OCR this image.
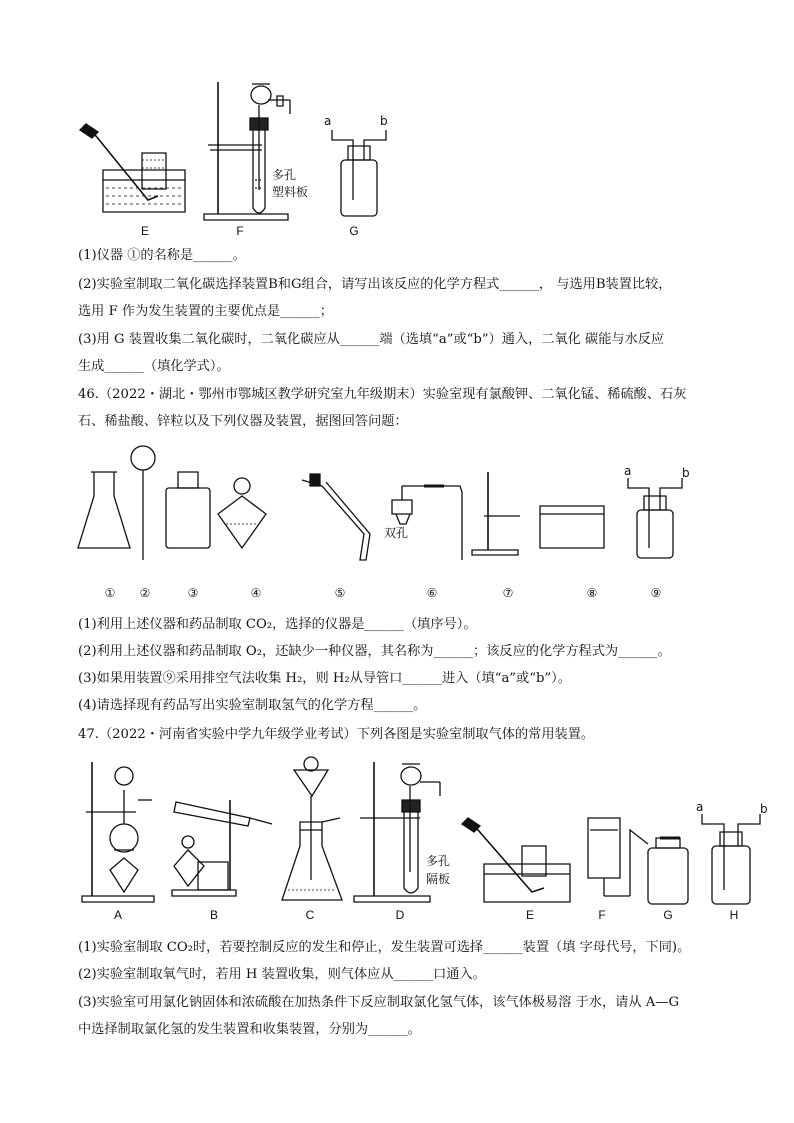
E	F	G
多孔
塑料板
a	b
(1)仪器 ①的名称是______。
(2)实验室制取二氧化碳选择装置B和G组合，请写出该反应的化学方程式______， 与选用B装置比较，
选用 F 作为发生装置的主要优点是______；
(3)用 G 装置收集二氧化碳时，二氧化碳应从______端（选填“a”或“b”）通入，二氧化 碳能与水反应
生成______（填化学式）。
46.（2022・湖北・鄂州市鄂城区教学研究室九年级期末）实验室现有氯酸钾、二氧化锰、稀硫酸、石灰
石、稀盐酸、锌粒以及下列仪器及装置，据图回答问题：
双孔
a	b
①	②	③	④	⑤	⑥	⑦	⑧	⑨
(1)利用上述仪器和药品制取 CO₂，选择的仪器是______（填序号）。
(2)利用上述仪器和药品制取 O₂，还缺少一种仪器，其名称为______；该反应的化学方程式为______。
(3)如果用装置⑨采用排空气法收集 H₂，则 H₂从导管口______进入（填“a”或“b”）。
(4)请选择现有药品写出实验室制取氢气的化学方程______。
47.（2022・河南省实验中学九年级学业考试）下列各图是实验室制取气体的常用装置。
多孔
隔板
a	b
A	B	C	D	E	F	G	H
(1)实验室制取 CO₂时，若要控制反应的发生和停止，发生装置可选择______装置（填 字母代号，下同)。
(2)实验室制取氧气时，若用 H 装置收集，则气体应从______口通入。
(3)实验室可用氯化钠固体和浓硫酸在加热条件下反应制取氯化氢气体，该气体极易溶 于水，请从 A—G
中选择制取氯化氢的发生装置和收集装置，分别为______。
